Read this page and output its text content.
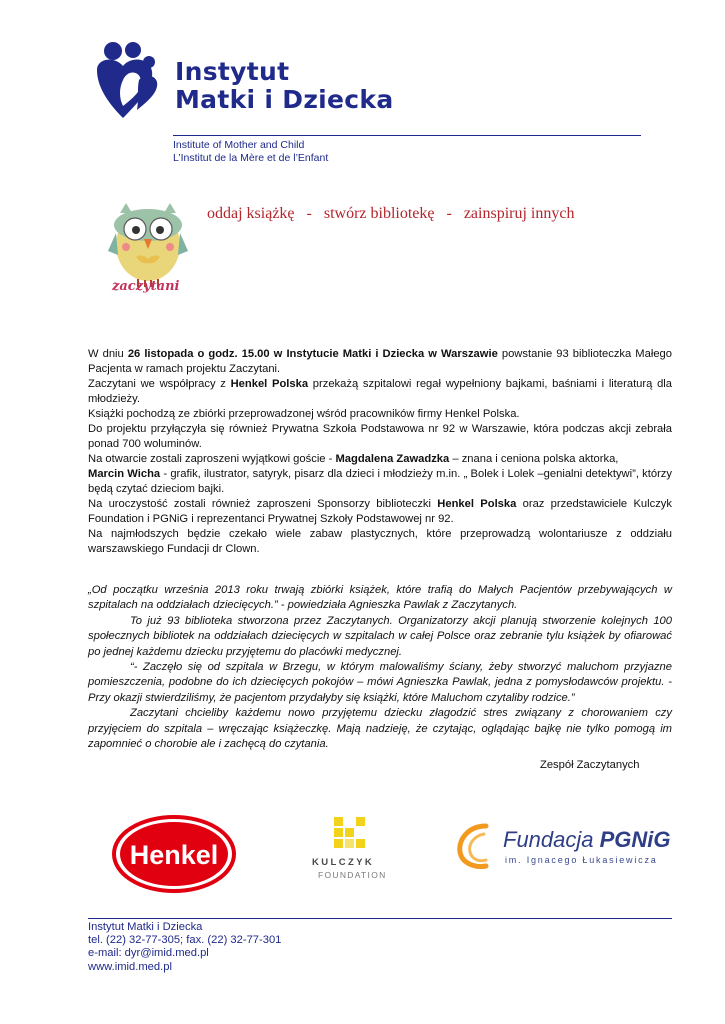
Instytut
Matki i Dziecka
Institute of Mother and Child
L’Institut de la Mère et de l’Enfant
zaczytani
oddaj książkę   -   stwórz bibliotekę   -   zainspiruj innych

W dniu 26 listopada o godz. 15.00 w Instytucie Matki i Dziecka w Warszawie powstanie 93 biblioteczka Małego Pacjenta w ramach projektu Zaczytani.

Zaczytani we współpracy z Henkel Polska przekażą szpitalowi regał wypełniony bajkami, baśniami i literaturą dla młodzieży.

Książki pochodzą ze zbiórki przeprowadzonej wśród pracowników firmy Henkel Polska.

Do projektu przyłączyła się również Prywatna Szkoła Podstawowa nr 92 w Warszawie, która podczas akcji zebrała ponad 700 woluminów.

Na otwarcie zostali zaproszeni wyjątkowi goście - Magdalena Zawadzka – znana i ceniona polska aktorka,

Marcin Wicha - grafik, ilustrator, satyryk, pisarz dla dzieci i młodzieży m.in. „ Bolek i Lolek –genialni detektywi”, którzy będą czytać dzieciom bajki.

Na uroczystość zostali również zaproszeni Sponsorzy biblioteczki Henkel Polska oraz przedstawiciele Kulczyk Foundation i PGNiG i reprezentanci Prywatnej Szkoły Podstawowej nr 92.

Na najmłodszych będzie czekało wiele zabaw plastycznych, które przeprowadzą wolontariusze z oddziału warszawskiego Fundacji dr Clown.

„Od początku września 2013 roku trwają zbiórki książek, które trafią do Małych Pacjentów przebywających w szpitalach na oddziałach dziecięcych.” - powiedziała Agnieszka Pawlak z Zaczytanych.

To już 93 biblioteka stworzona przez Zaczytanych. Organizatorzy akcji planują stworzenie kolejnych 100 społecznych bibliotek na oddziałach dziecięcych w szpitalach w całej Polsce oraz zebranie tylu książek by ofiarować po jednej każdemu dziecku przyjętemu do placówki medycznej.

“- Zaczęło się od szpitala w Brzegu, w którym malowaliśmy ściany, żeby stworzyć maluchom przyjazne pomieszczenia, podobne do ich dziecięcych pokojów – mówi Agnieszka Pawlak, jedna z pomysłodawców projektu. - Przy okazji stwierdziliśmy, że pacjentom przydałyby się książki, które Maluchom czytaliby rodzice.”

Zaczytani chcieliby każdemu nowo przyjętemu dziecku złagodzić stres związany z chorowaniem czy przyjęciem do szpitala – wręczając książeczkę. Mają nadzieję, że czytając, oglądając bajkę nie tylko pomogą im zapomnieć o chorobie ale i zachęcą do czytania.

Zespół Zaczytanych
Henkel	KULCZYK
FOUNDATION
Fundacja PGNiG
im. Ignacego Łukasiewicza
Instytut Matki i Dziecka
tel. (22) 32-77-305; fax. (22) 32-77-301
e-mail: dyr@imid.med.pl
www.imid.med.pl
